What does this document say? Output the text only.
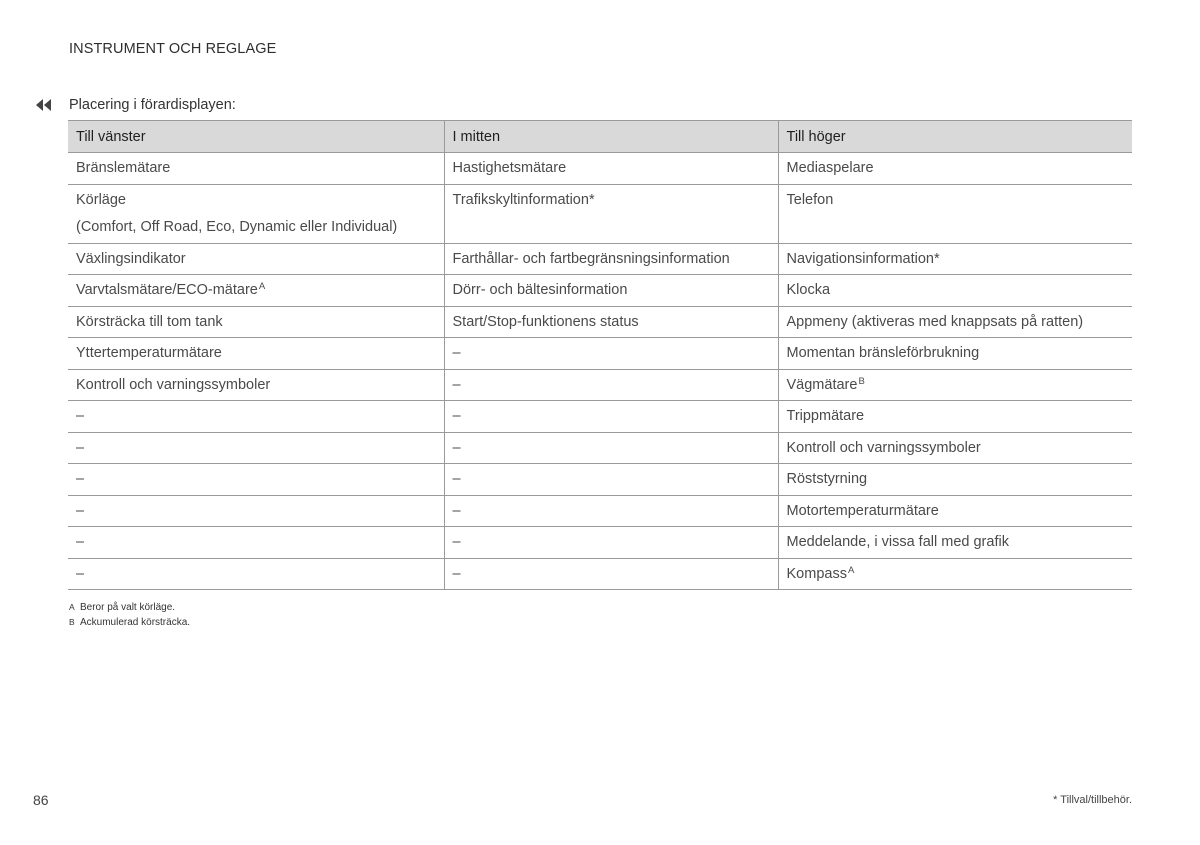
INSTRUMENT OCH REGLAGE
Placering i förardisplayen:
Till vänster	I mitten	Till höger
Bränslemätare	Hastighetsmätare	Mediaspelare
Körläge
(Comfort, Off Road, Eco, Dynamic eller Individual)	Trafikskyltinformation*	Telefon
Växlingsindikator	Farthållar- och fartbegränsningsinformation	Navigationsinformation*
Varvtalsmätare/ECO-mätare$^A$	Dörr- och bältesinformation	Klocka
Körsträcka till tom tank	Start/Stop-funktionens status	Appmeny (aktiveras med knappsats på ratten)
Yttertemperaturmätare	–	Momentan bränsleförbrukning
Kontroll och varningssymboler	–	Vägmätare$^B$
–	–	Trippmätare
–	–	Kontroll och varningssymboler
–	–	Röststyrning
–	–	Motortemperaturmätare
–	–	Meddelande, i vissa fall med grafik
–	–	Kompass$^A$
A Beror på valt körläge.
B Ackumulerad körsträcka.
86	* Tillval/tillbehör.
